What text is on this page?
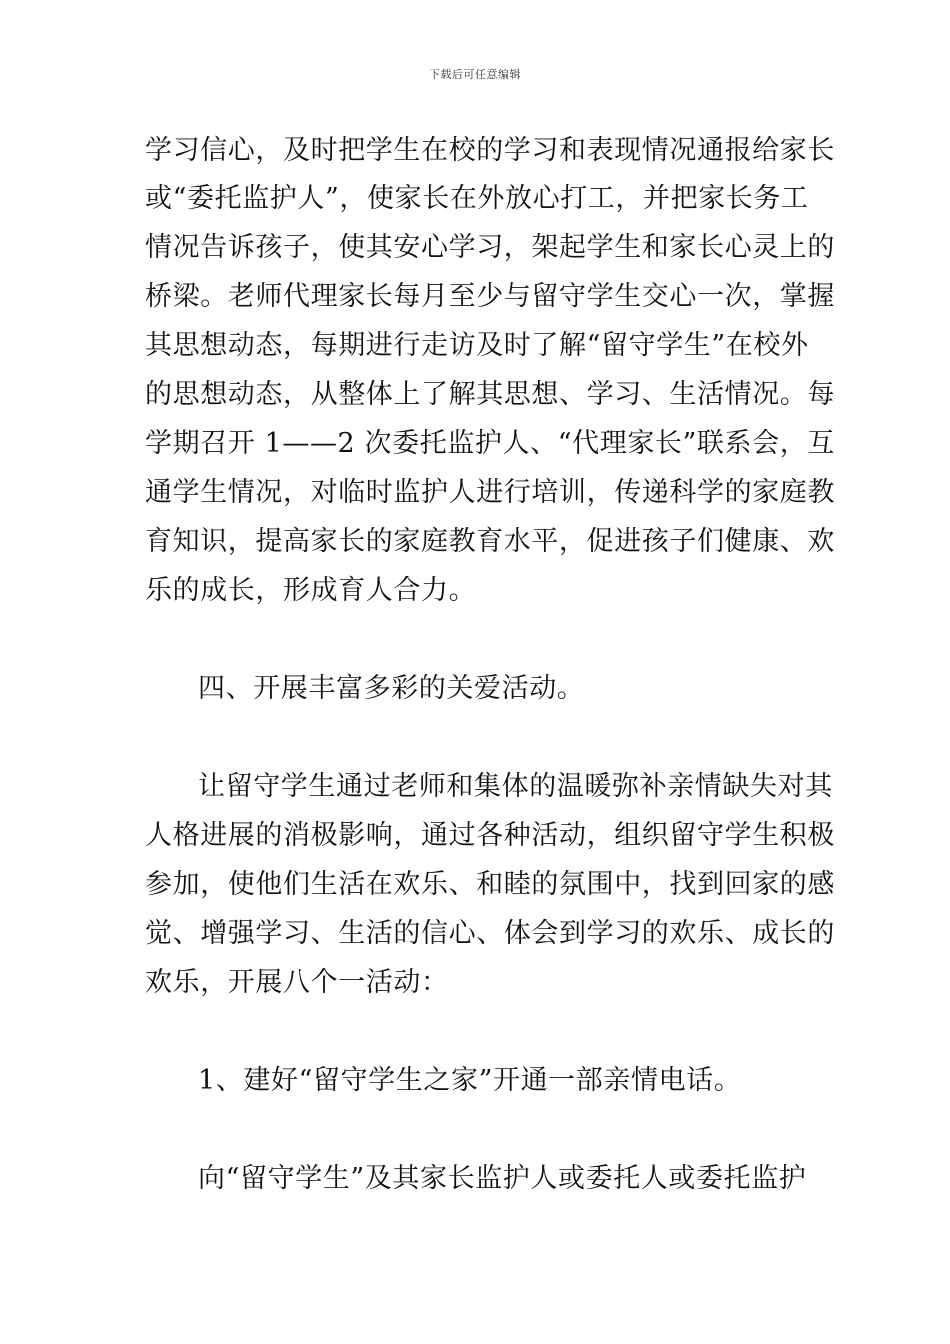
下载后可任意编辑
学习信心，及时把学生在校的学习和表现情况通报给家长
或“委托监护人”，使家长在外放心打工，并把家长务工
情况告诉孩子，使其安心学习，架起学生和家长心灵上的
桥梁。老师代理家长每月至少与留守学生交心一次，掌握
其思想动态，每期进行走访及时了解“留守学生”在校外
的思想动态，从整体上了解其思想、学习、生活情况。每
学期召开 1——2 次委托监护人、“代理家长”联系会，互
通学生情况，对临时监护人进行培训，传递科学的家庭教
育知识，提高家长的家庭教育水平，促进孩子们健康、欢
乐的成长，形成育人合力。
四、开展丰富多彩的关爱活动。
让留守学生通过老师和集体的温暖弥补亲情缺失对其
人格进展的消极影响，通过各种活动，组织留守学生积极
参加，使他们生活在欢乐、和睦的氛围中，找到回家的感
觉、增强学习、生活的信心、体会到学习的欢乐、成长的
欢乐，开展八个一活动：
1、建好“留守学生之家”开通一部亲情电话。
向“留守学生”及其家长监护人或委托人或委托监护
